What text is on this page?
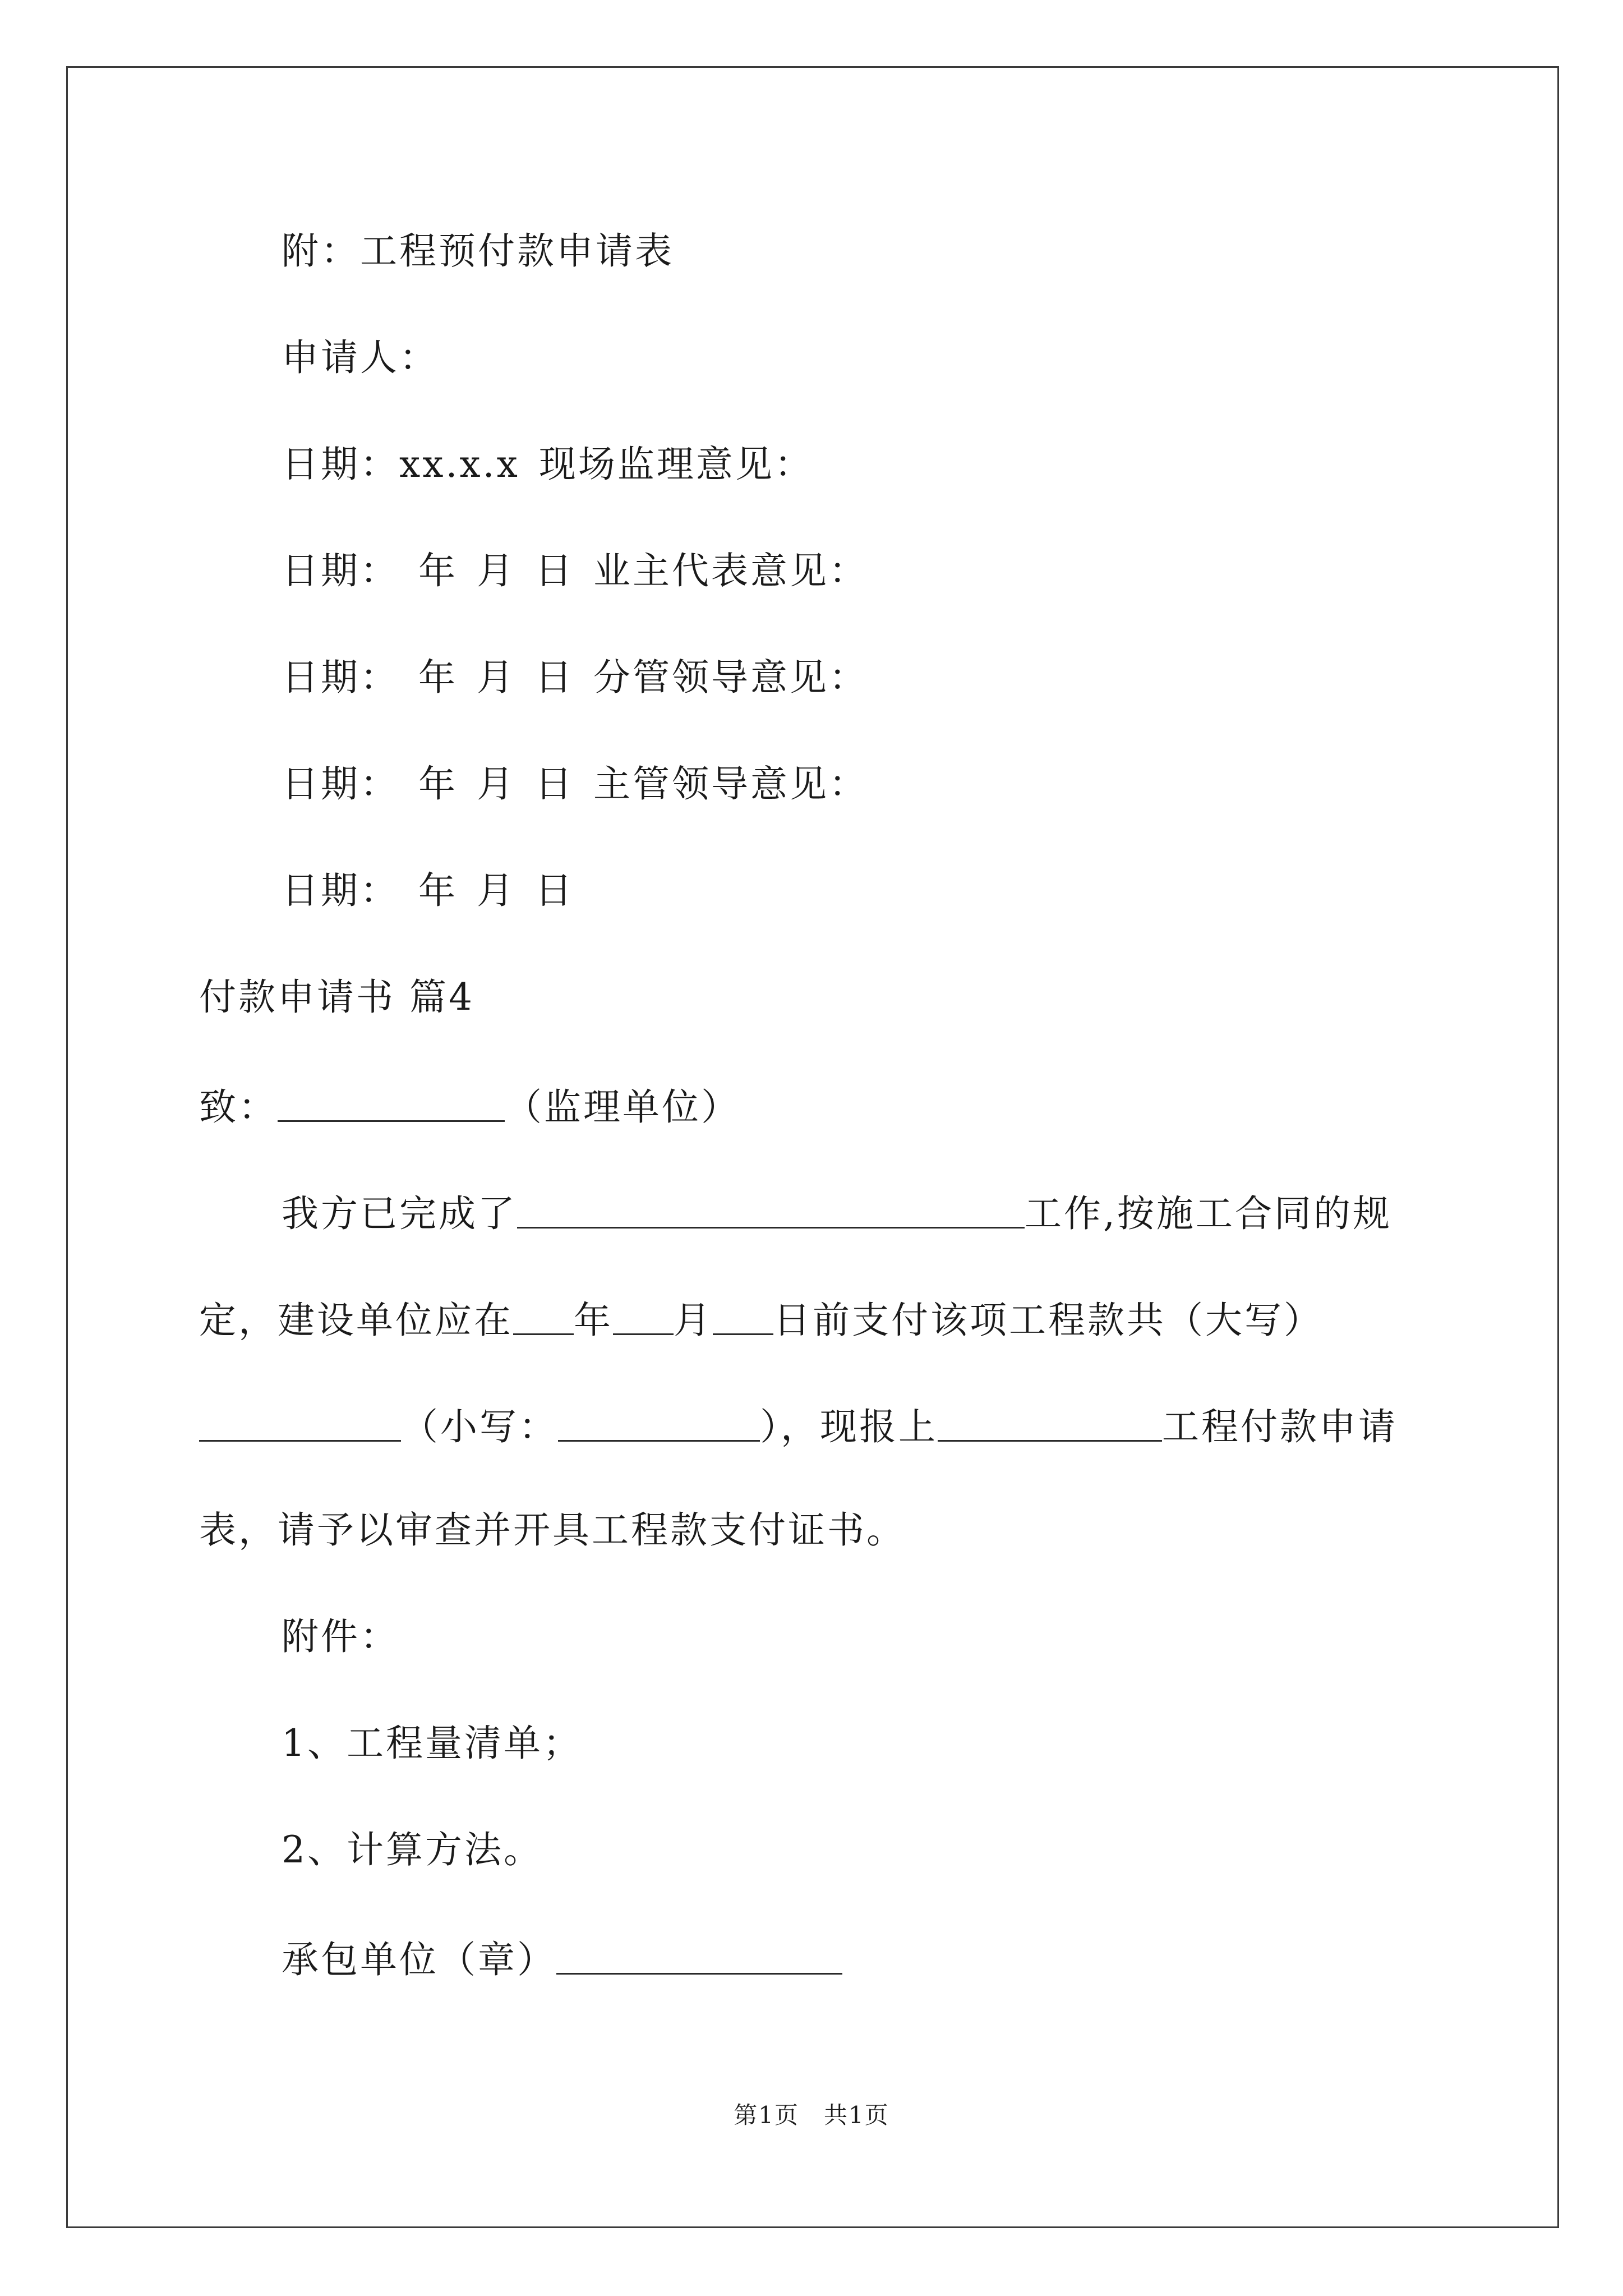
附：工程预付款申请表
申请人：
日期：xx.x.x 现场监理意见：
日期： 年 月 日 业主代表意见：
日期： 年 月 日 分管领导意见：
日期： 年 月 日 主管领导意见：
日期： 年 月 日
付款申请书 篇4
致：	（监理单位）
我方已完成了	工作,按施工合同的规
定，建设单位应在 年 月 日前支付该项工程款共（大写）
（小写：	），现报上	工程付款申请
表，请予以审查并开具工程款支付证书。
附件：
1、工程量清单；
2、计算方法。
承包单位（章）
第1页 共1页
